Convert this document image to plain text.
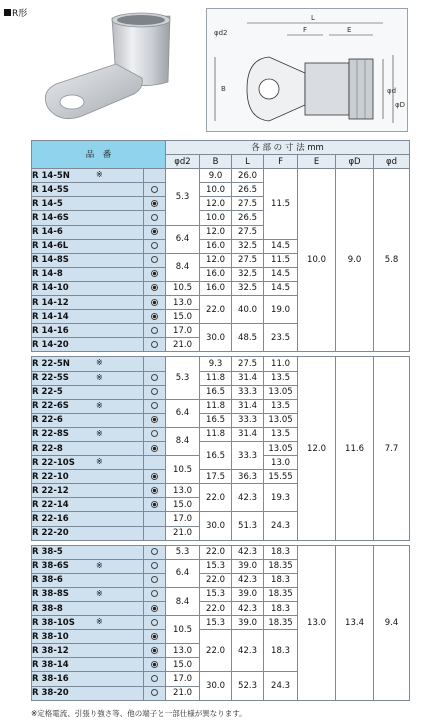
R形	L
φd2	F	E
B	φd
φD
品　番		各 部 の 寸 法 mm						
		φd2	B	L	F	E	φD	φd
R 14-5N ※		5.3	9.0	26.0	11.5	10.0	9.0	5.8
R 14-5S			10.0	26.5				
R 14-5			12.0	27.5				
R 14-6S			10.0	26.5				
R 14-6		6.4	12.0	27.5				
R 14-6L			16.0	32.5	14.5			
R 14-8S		8.4	12.0	27.5	11.5			
R 14-8			16.0	32.5	14.5			
R 14-10		10.5	16.0	32.5	14.5			
R 14-12		13.0	22.0	40.0	19.0			
R 14-14		15.0						
R 14-16		17.0	30.0	48.5	23.5			
R 14-20		21.0						

R 22-5N ※		5.3	9.3	27.5	11.0	12.0	11.6	7.7
R 22-5S ※			11.8	31.4	13.5			
R 22-5			16.5	33.3	13.05			
R 22-6S ※		6.4	11.8	31.4	13.5			
R 22-6			16.5	33.3	13.05			
R 22-8S ※		8.4	11.8	31.4	13.5			
R 22-8			16.5	33.3	13.05			
R 22-10S ※		10.5			13.0			
R 22-10			17.5	36.3	15.55			
R 22-12		13.0	22.0	42.3	19.3			
R 22-14		15.0						
R 22-16		17.0	30.0	51.3	24.3			
R 22-20		21.0						

R 38-5		5.3	22.0	42.3	18.3	13.0	13.4	9.4
R 38-6S ※		6.4	15.3	39.0	18.35			
R 38-6			22.0	42.3	18.3			
R 38-8S ※		8.4	15.3	39.0	18.35			
R 38-8			22.0	42.3	18.3			
R 38-10S ※		10.5	15.3	39.0	18.35			
R 38-10			22.0	42.3	18.3			
R 38-12		13.0						
R 38-14		15.0						
R 38-16		17.0	30.0	52.3	24.3			
R 38-20		21.0						
※定格電流、引張り強さ等、他の端子と一部仕様が異なります。
